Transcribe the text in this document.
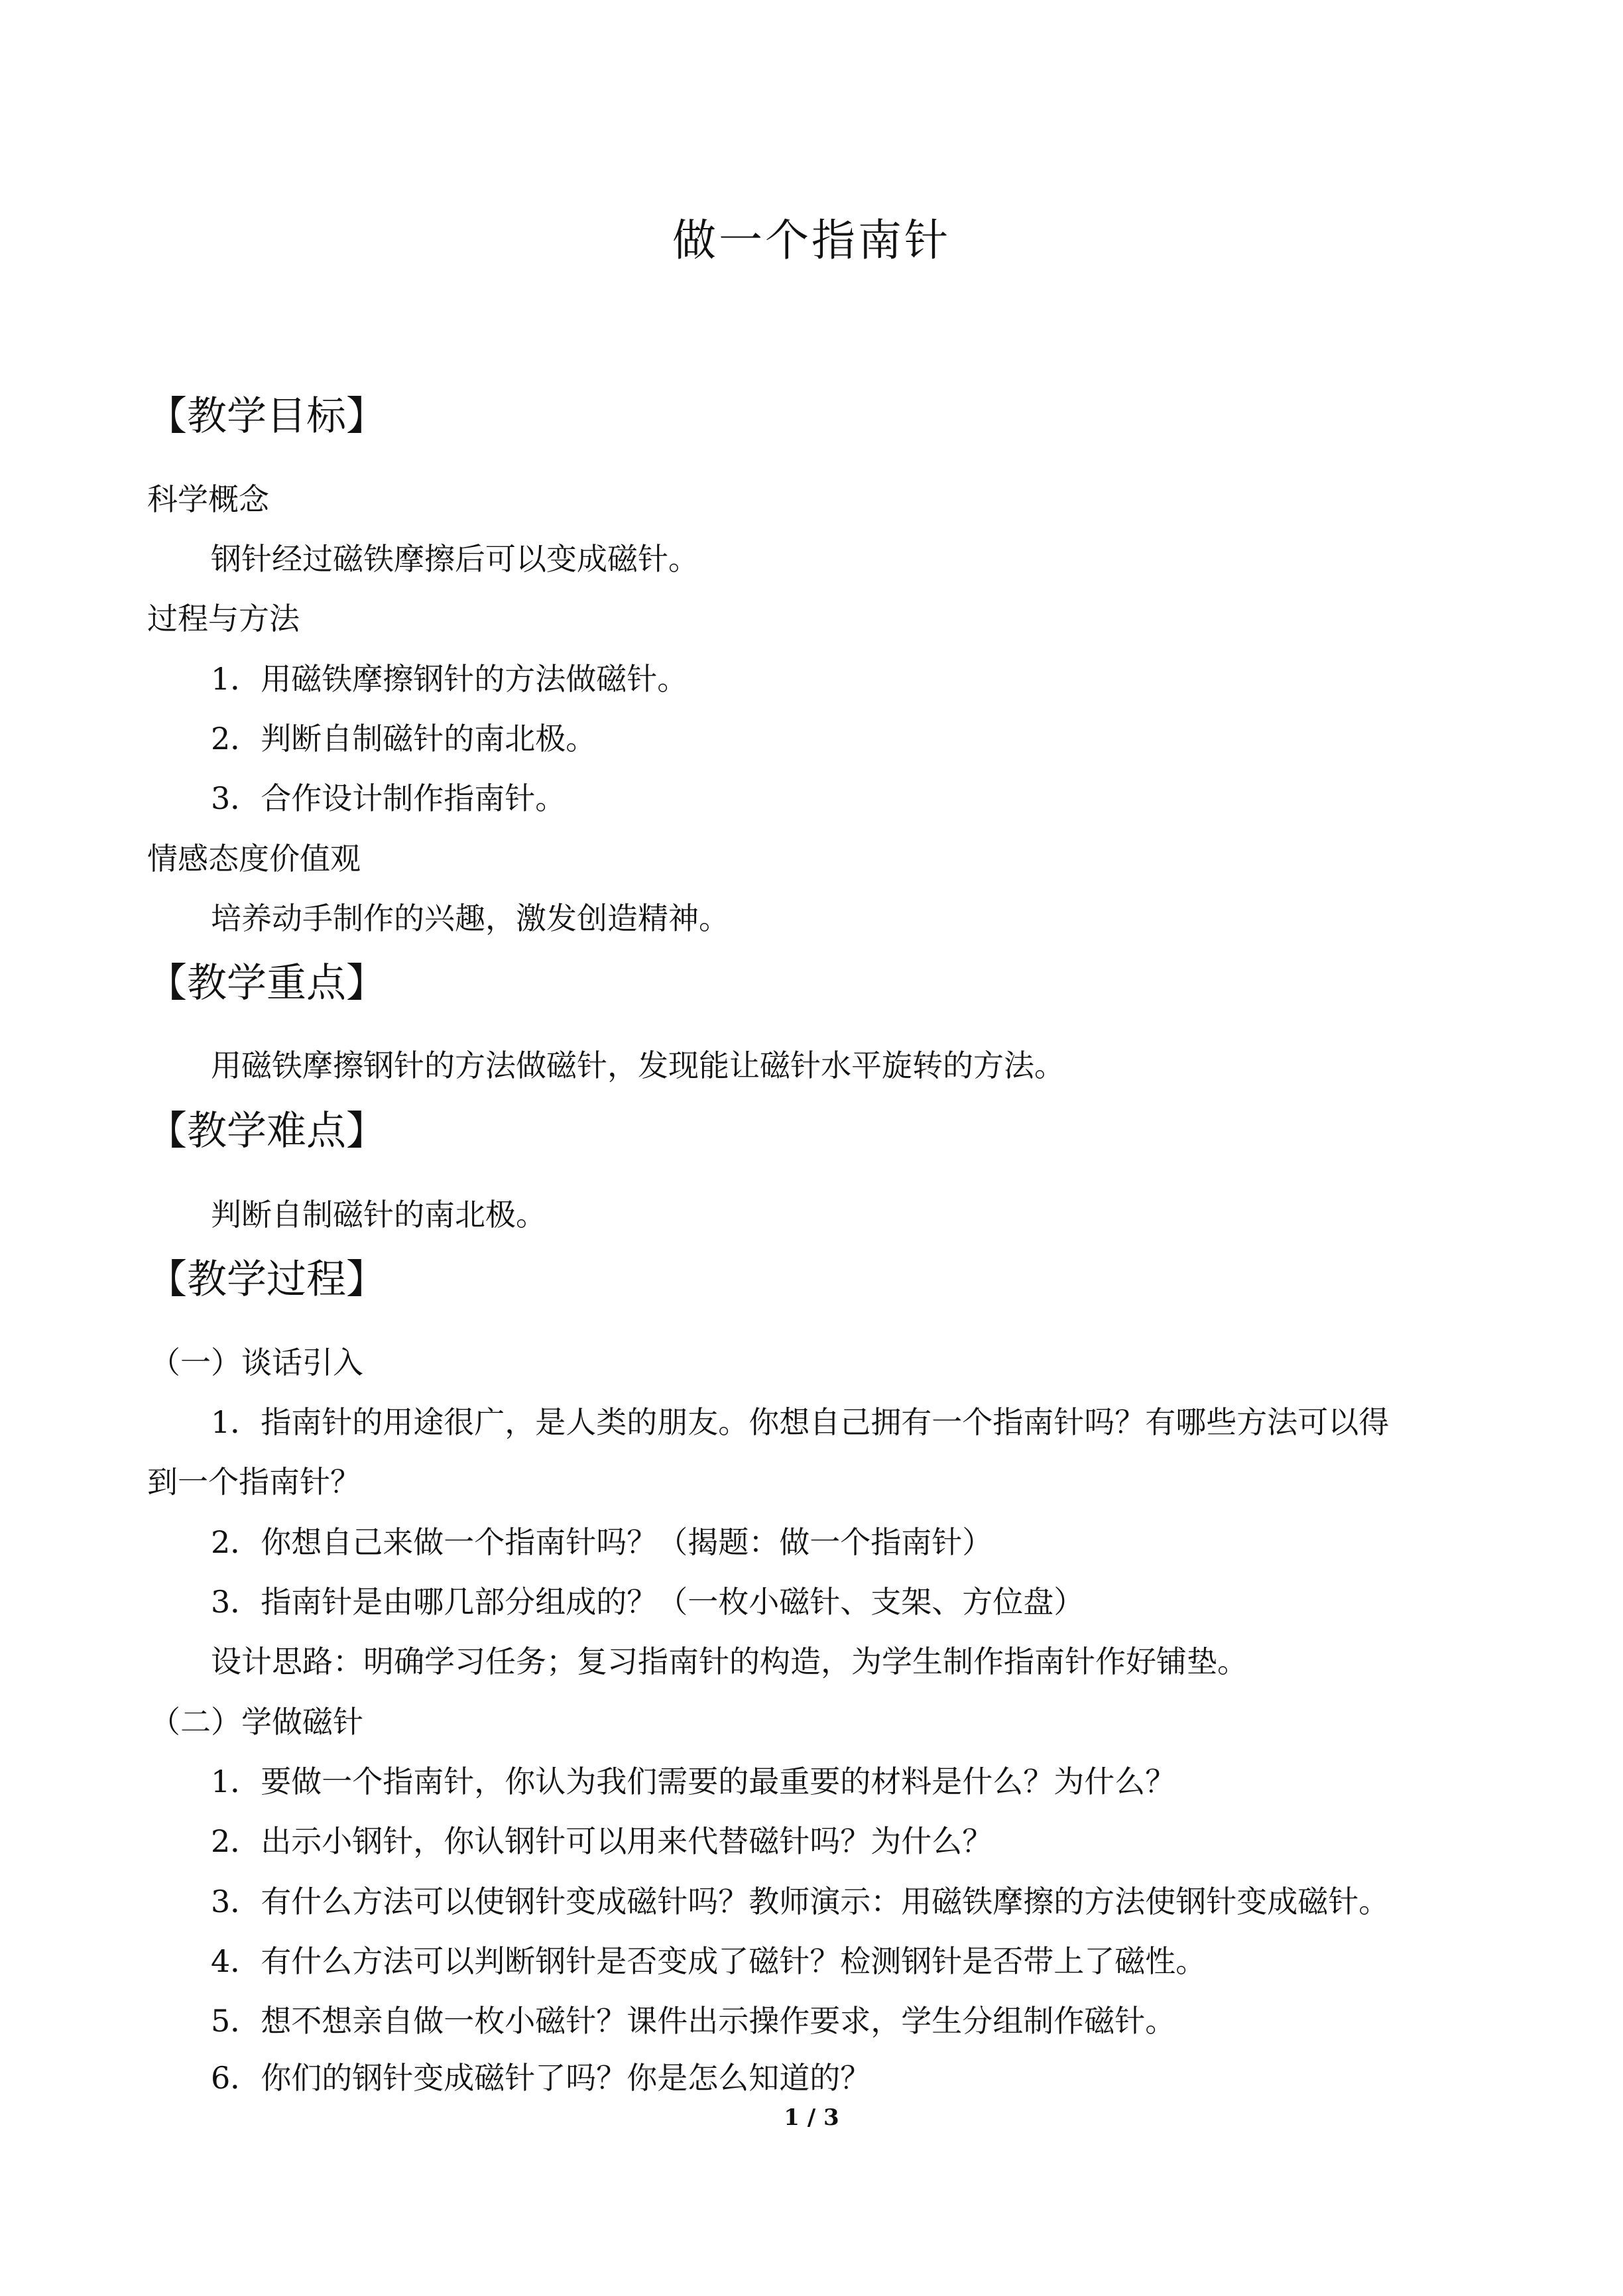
做一个指南针
【教学目标】
科学概念
钢针经过磁铁摩擦后可以变成磁针。
过程与方法
1．用磁铁摩擦钢针的方法做磁针。
2．判断自制磁针的南北极。
3．合作设计制作指南针。
情感态度价值观
培养动手制作的兴趣，激发创造精神。
【教学重点】
用磁铁摩擦钢针的方法做磁针，发现能让磁针水平旋转的方法。
【教学难点】
判断自制磁针的南北极。
【教学过程】
（一）谈话引入
1．指南针的用途很广，是人类的朋友。你想自己拥有一个指南针吗？有哪些方法可以得
到一个指南针？
2．你想自己来做一个指南针吗？（揭题：做一个指南针）
3．指南针是由哪几部分组成的？（一枚小磁针、支架、方位盘）
设计思路：明确学习任务；复习指南针的构造，为学生制作指南针作好铺垫。
（二）学做磁针
1．要做一个指南针，你认为我们需要的最重要的材料是什么？为什么？
2．出示小钢针，你认钢针可以用来代替磁针吗？为什么？
3．有什么方法可以使钢针变成磁针吗？教师演示：用磁铁摩擦的方法使钢针变成磁针。
4．有什么方法可以判断钢针是否变成了磁针？检测钢针是否带上了磁性。
5．想不想亲自做一枚小磁针？课件出示操作要求，学生分组制作磁针。
6．你们的钢针变成磁针了吗？你是怎么知道的？
1 / 3
